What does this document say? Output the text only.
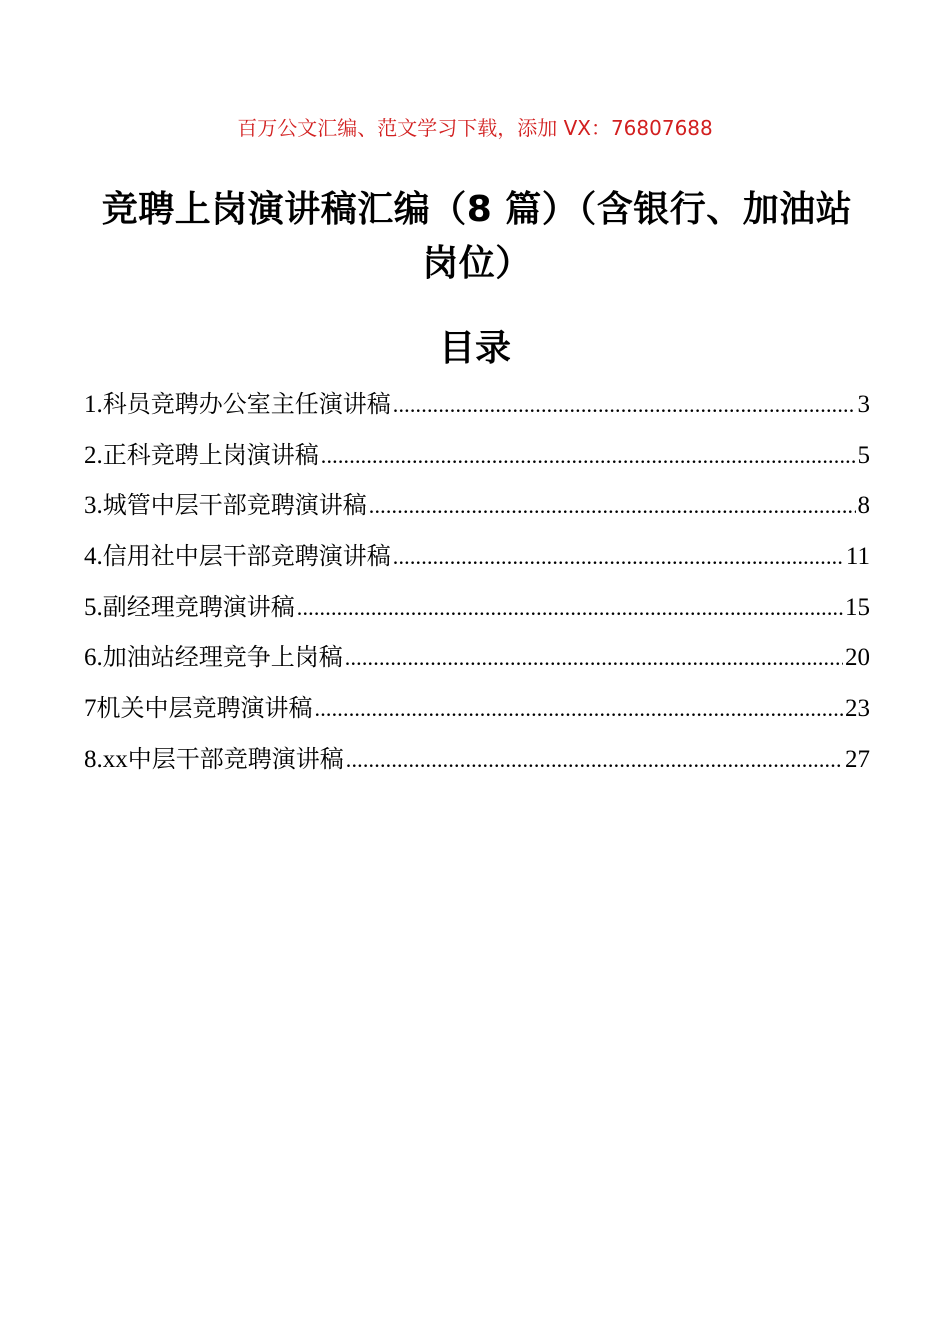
百万公文汇编、范文学习下载，添加 VX：76807688
竞聘上岗演讲稿汇编（8 篇）（含银行、加油站岗位）
目录
1. 科员竞聘办公室主任演讲稿 .....	3
2. 正科竞聘上岗演讲稿 .....	5
3. 城管中层干部竞聘演讲稿 .....	8
4. 信用社中层干部竞聘演讲稿 .....	11
5. 副经理竞聘演讲稿 .....	15
6. 加油站经理竞争上岗稿 .....	20
7 机关中层竞聘演讲稿 .....	23
8.xx 中层干部竞聘演讲稿 .....	27
